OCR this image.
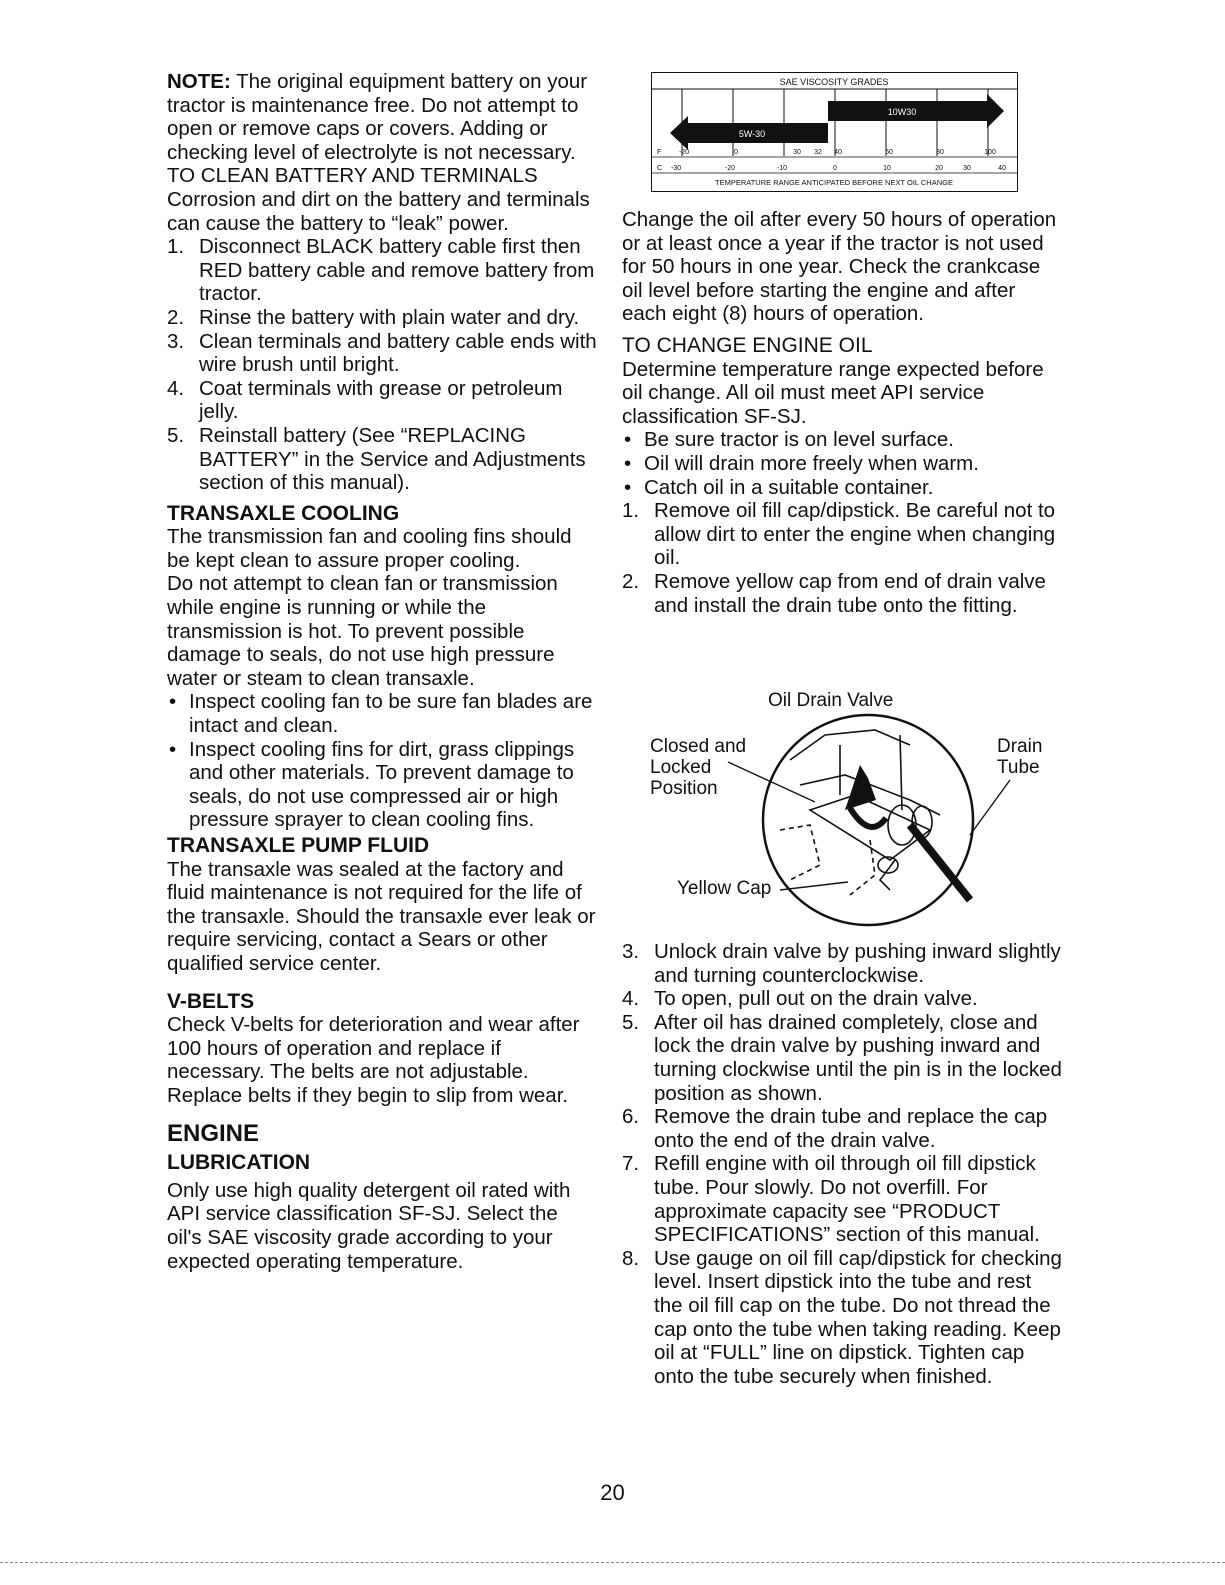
NOTE: The original equipment battery on your tractor is maintenance free. Do not attempt to open or remove caps or covers. Adding or checking level of electrolyte is not necessary.

TO CLEAN BATTERY AND TERMINALS

Corrosion and dirt on the battery and terminals can cause the battery to “leak” power.

1. Disconnect BLACK battery cable first then RED battery cable and remove battery from tractor.
2. Rinse the battery with plain water and dry.
3. Clean terminals and battery cable ends with wire brush until bright.
4. Coat terminals with grease or petroleum jelly.
5. Reinstall battery (See “REPLACING BATTERY” in the Service and Adjustments section of this manual).

TRANSAXLE COOLING

The transmission fan and cooling fins should be kept clean to assure proper cooling.

Do not attempt to clean fan or transmission while engine is running or while the transmission is hot. To prevent possible damage to seals, do not use high pressure water or steam to clean transaxle.

• Inspect cooling fan to be sure fan blades are intact and clean.
• Inspect cooling fins for dirt, grass clippings and other materials. To prevent damage to seals, do not use compressed air or high pressure sprayer to clean cooling fins.

TRANSAXLE PUMP FLUID

The transaxle was sealed at the factory and fluid maintenance is not required for the life of the transaxle. Should the transaxle ever leak or require servicing, contact a Sears or other qualified service center.

V-BELTS

Check V-belts for deterioration and wear after 100 hours of operation and replace if necessary. The belts are not adjustable. Replace belts if they begin to slip from wear.

ENGINE

LUBRICATION

Only use high quality detergent oil rated with API service classification SF-SJ. Select the oil's SAE viscosity grade according to your expected operating temperature.

SAE VISCOSITY GRADES
10W30
5W-30
F	-20	0	30 32 40	60	80	100
C -30	-20	-10	0	10	20	30	40
TEMPERATURE RANGE ANTICIPATED BEFORE NEXT OIL CHANGE

Change the oil after every 50 hours of operation or at least once a year if the tractor is not used for 50 hours in one year. Check the crankcase oil level before starting the engine and after each eight (8) hours of operation.

TO CHANGE ENGINE OIL

Determine temperature range expected before oil change. All oil must meet API service classification SF-SJ.

• Be sure tractor is on level surface.
• Oil will drain more freely when warm.
• Catch oil in a suitable container.
1. Remove oil fill cap/dipstick. Be careful not to allow dirt to enter the engine when changing oil.
2. Remove yellow cap from end of drain valve and install the drain tube onto the fitting.
Oil Drain Valve
Closed and Locked Position
Drain Tube
Yellow Cap
3. Unlock drain valve by pushing inward slightly and turning counterclockwise.
4. To open, pull out on the drain valve.
5. After oil has drained completely, close and lock the drain valve by pushing inward and turning clockwise until the pin is in the locked position as shown.
6. Remove the drain tube and replace the cap onto the end of the drain valve.
7. Refill engine with oil through oil fill dipstick tube. Pour slowly. Do not overfill. For approximate capacity see “PRODUCT SPECIFICATIONS” section of this manual.
8. Use gauge on oil fill cap/dipstick for checking level. Insert dipstick into the tube and rest the oil fill cap on the tube. Do not thread the cap onto the tube when taking reading. Keep oil at “FULL” line on dipstick. Tighten cap onto the tube securely when finished.
20
